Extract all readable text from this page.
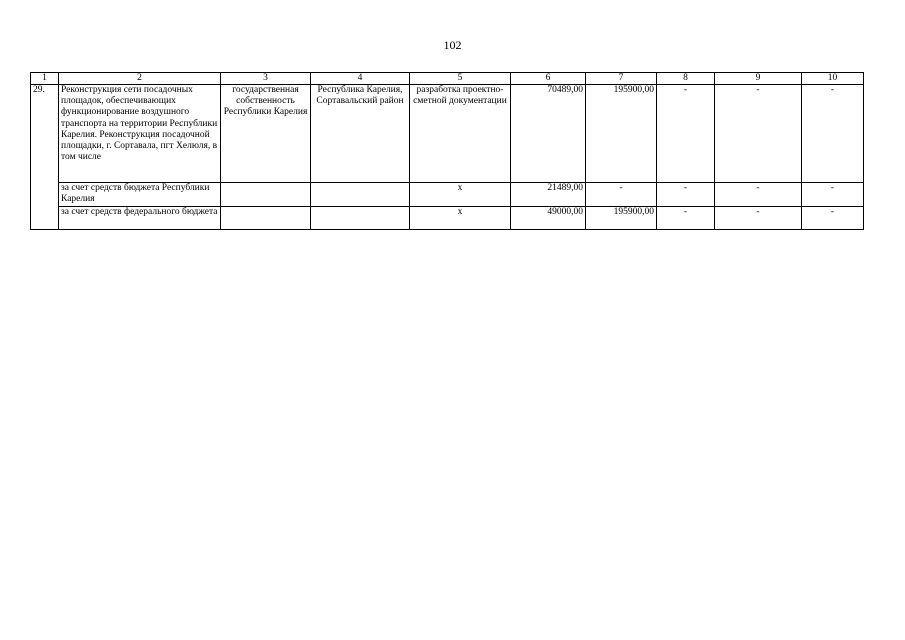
102
1	2	3	4	5	6	7	8	9	10
29.	Реконструкция сети посадочных площадок, обеспечивающих функционирование воздушного транспорта на территории Республики Карелия. Реконструкция посадочной площадки, г. Сортавала, пгт Хелюля, в том числе	государственная собственность Республики Карелия	Республика Карелия, Сортавальский район	разработка проектно-сметной документации	70489,00	195900,00	-	-	-
	за счет средств бюджета Республики Карелия			х	21489,00	-	-	-	-
	за счет средств федерального бюджета			х	49000,00	195900,00	-	-	-
